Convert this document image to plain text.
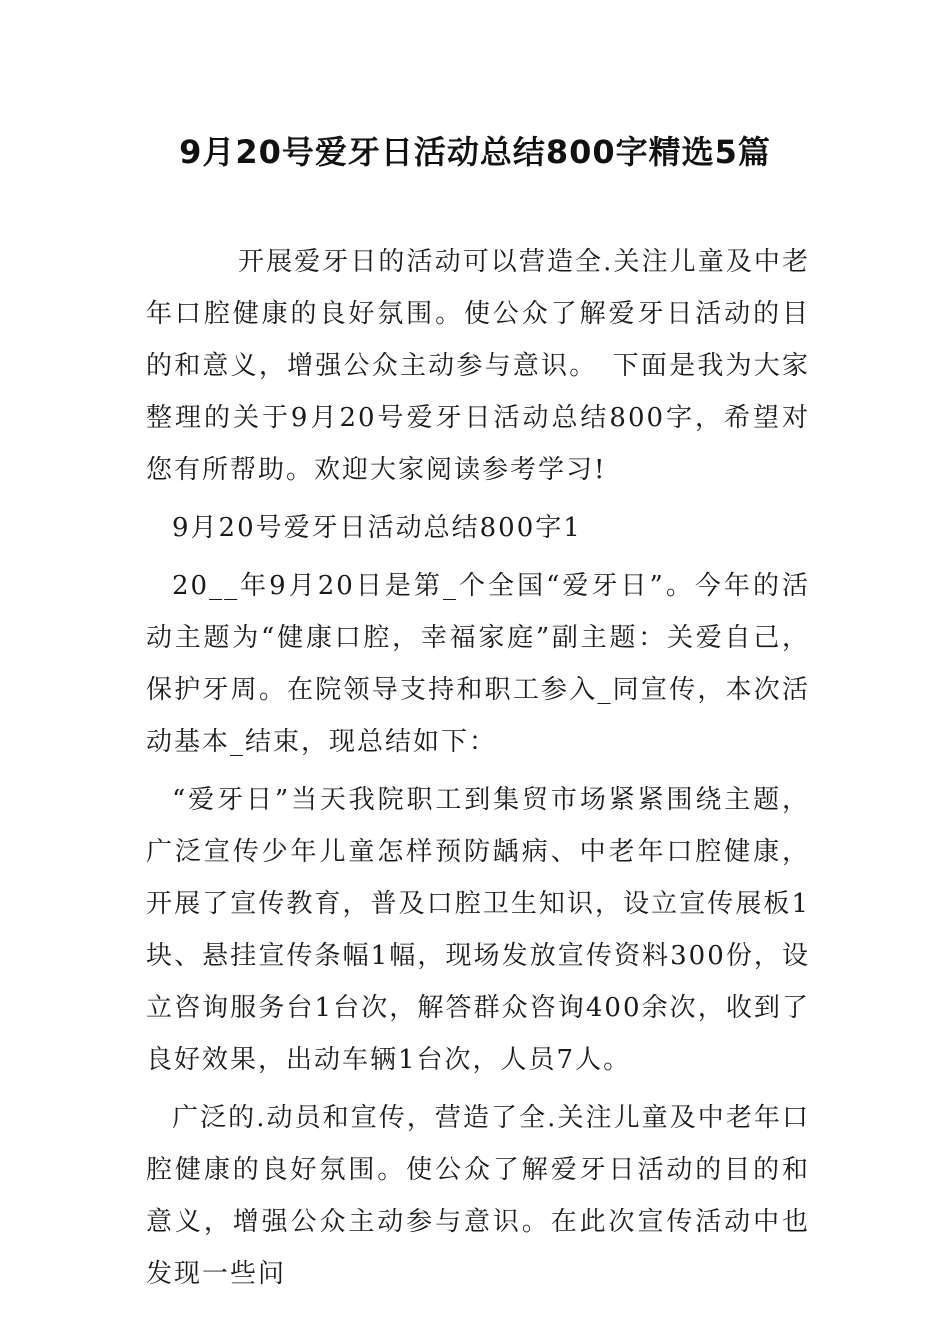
9月20号爱牙日活动总结800字精选5篇

开展爱牙日的活动可以营造全.关注儿童及中老年口腔健康的良好氛围。使公众了解爱牙日活动的目的和意义，增强公众主动参与意识。　下面是我为大家整理的关于9月20号爱牙日活动总结800字，希望对您有所帮助。欢迎大家阅读参考学习!

9月20号爱牙日活动总结800字1

20__年9月20日是第_个全国“爱牙日”。今年的活动主题为“健康口腔，幸福家庭”副主题：关爱自己，保护牙周。在院领导支持和职工参入_同宣传，本次活动基本_结束，现总结如下：

“爱牙日”当天我院职工到集贸市场紧紧围绕主题，广泛宣传少年儿童怎样预防龋病、中老年口腔健康，开展了宣传教育，普及口腔卫生知识，设立宣传展板1块、悬挂宣传条幅1幅，现场发放宣传资料300份，设立咨询服务台1台次，解答群众咨询400余次，收到了良好效果，出动车辆1台次，人员7人。

广泛的.动员和宣传，营造了全.关注儿童及中老年口腔健康的良好氛围。使公众了解爱牙日活动的目的和意义，增强公众主动参与意识。在此次宣传活动中也发现一些问
